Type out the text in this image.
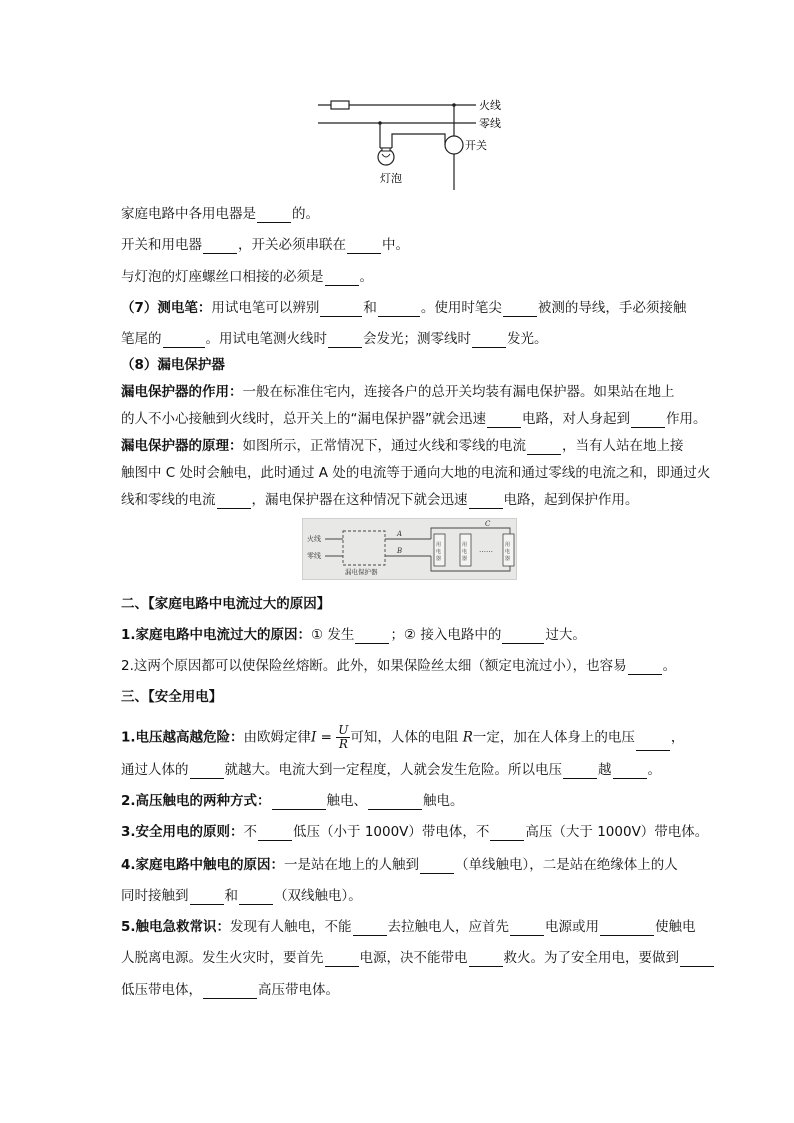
火线
零线
开关
灯泡
家庭电路中各用电器是	的。
开关和用电器	，开关必须串联在	中。
与灯泡的灯座螺丝口相接的必须是	。
（7）测电笔：用试电笔可以辨别	和	。使用时笔尖	被测的导线，手必须接触
笔尾的	。用试电笔测火线时	会发光；测零线时	发光。
（8）漏电保护器
漏电保护器的作用：一般在标准住宅内，连接各户的总开关均装有漏电保护器。如果站在地上
的人不小心接触到火线时，总开关上的“漏电保护器”就会迅速	电路，对人身起到	作用。
漏电保护器的原理：如图所示，正常情况下，通过火线和零线的电流	，当有人站在地上接
触图中 C 处时会触电，此时通过 A 处的电流等于通向大地的电流和通过零线的电流之和，即通过火
线和零线的电流	，漏电保护器在这种情况下就会迅速	电路，起到保护作用。
火线
零线
漏电保护器
A
B
C
用
电
器
用
电
器
用
电
器
……
二、【家庭电路中电流过大的原因】
1.家庭电路中电流过大的原因：① 发生	；② 接入电路中的	过大。
2.这两个原因都可以使保险丝熔断。此外，如果保险丝太细（额定电流过小），也容易	。
三、【安全用电】
1.电压越高越危险：由欧姆定律$I = \frac{U}{R}$ 可知，人体的电阻 R一定，加在人体身上的电压	，
通过人体的	就越大。电流大到一定程度，人就会发生危险。所以电压	越	。
2.高压触电的两种方式：	触电、	触电。
3.安全用电的原则：不	低压（小于 1000V）带电体，不	高压（大于 1000V）带电体。
4.家庭电路中触电的原因：一是站在地上的人触到	（单线触电），二是站在绝缘体上的人
同时接触到	和	（双线触电）。
5.触电急救常识：发现有人触电，不能	去拉触电人，应首先	电源或用	使触电
人脱离电源。发生火灾时，要首先	电源，决不能带电	救火。为了安全用电，要做到
低压带电体，	高压带电体。
